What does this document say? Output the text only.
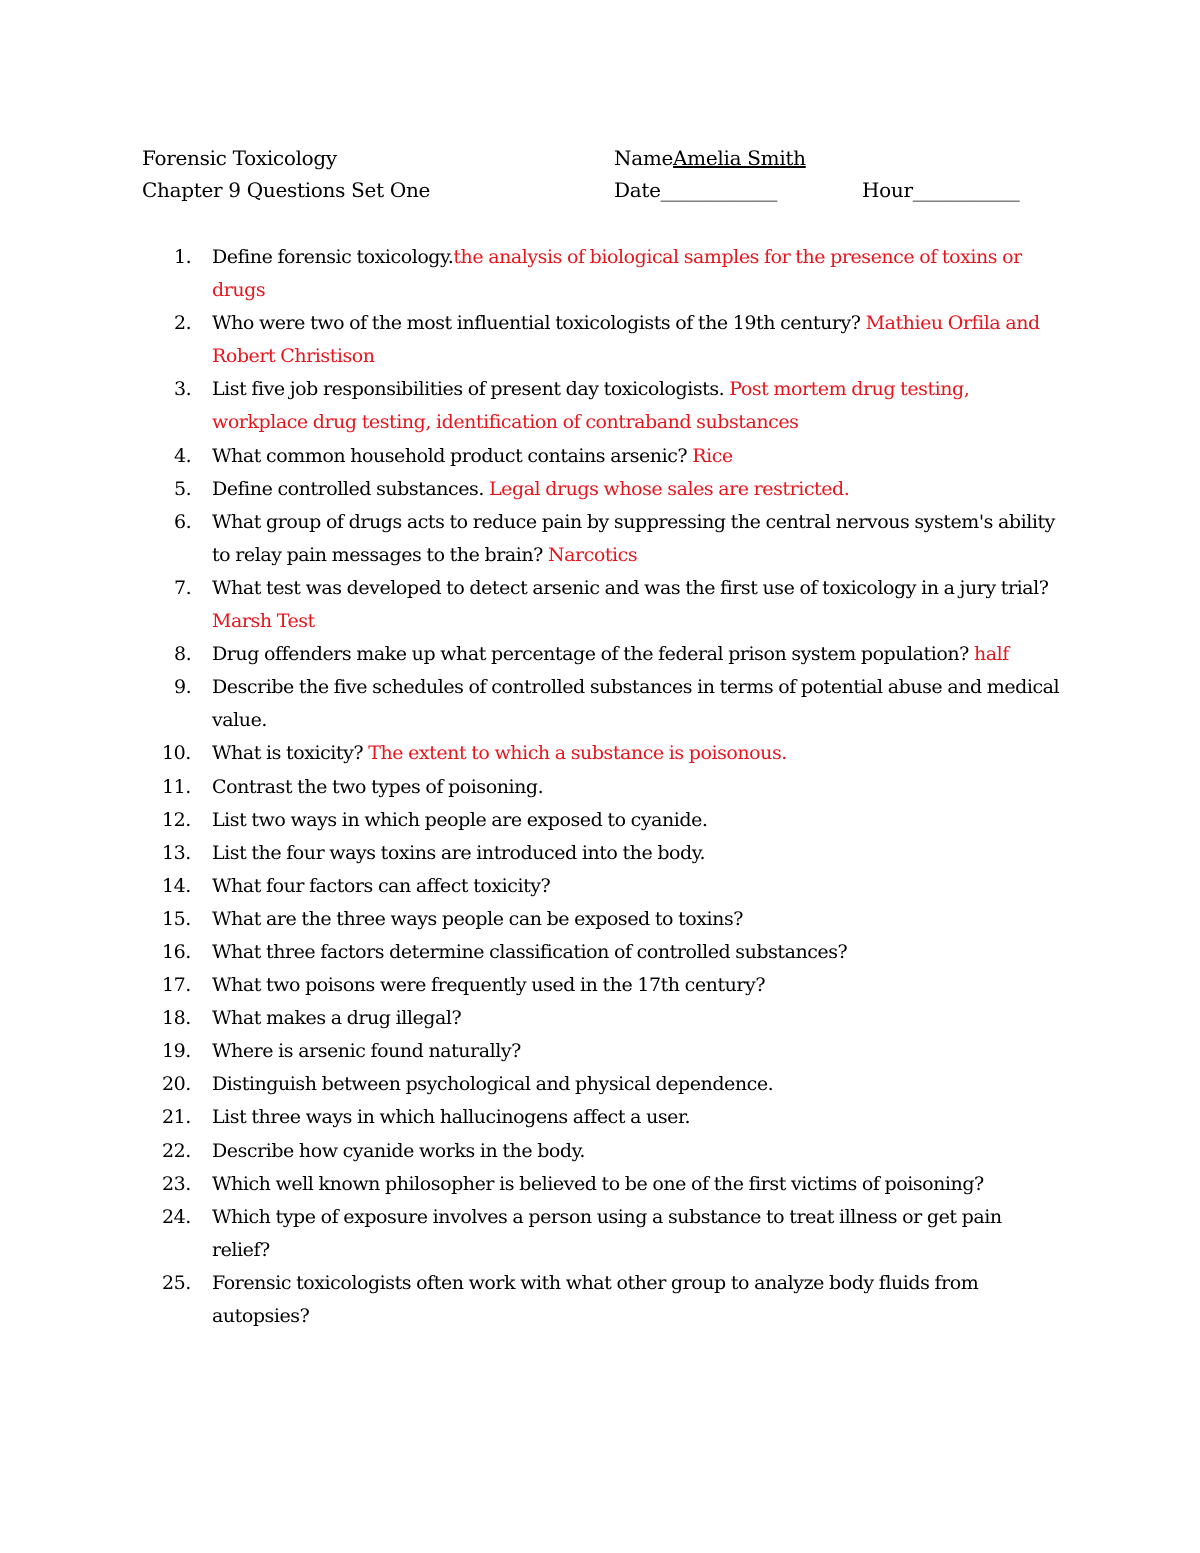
Forensic Toxicology
Chapter 9 Questions Set One
NameAmelia Smith
Date____________	Hour___________
1. Define forensic toxicology.the analysis of biological samples for the presence of toxins or drugs
2. Who were two of the most influential toxicologists of the 19th century? Mathieu Orfila and Robert Christison
3. List five job responsibilities of present day toxicologists. Post mortem drug testing, workplace drug testing, identification of contraband substances
4. What common household product contains arsenic? Rice
5. Define controlled substances. Legal drugs whose sales are restricted.
6. What group of drugs acts to reduce pain by suppressing the central nervous system's ability to relay pain messages to the brain? Narcotics
7. What test was developed to detect arsenic and was the first use of toxicology in a jury trial? Marsh Test
8. Drug offenders make up what percentage of the federal prison system population? half
9. Describe the five schedules of controlled substances in terms of potential abuse and medical value.
10. What is toxicity? The extent to which a substance is poisonous.
11. Contrast the two types of poisoning.
12. List two ways in which people are exposed to cyanide.
13. List the four ways toxins are introduced into the body.
14. What four factors can affect toxicity?
15. What are the three ways people can be exposed to toxins?
16. What three factors determine classification of controlled substances?
17. What two poisons were frequently used in the 17th century?
18. What makes a drug illegal?
19. Where is arsenic found naturally?
20. Distinguish between psychological and physical dependence.
21. List three ways in which hallucinogens affect a user.
22. Describe how cyanide works in the body.
23. Which well known philosopher is believed to be one of the first victims of poisoning?
24. Which type of exposure involves a person using a substance to treat illness or get pain relief?
25. Forensic toxicologists often work with what other group to analyze body fluids from autopsies?
